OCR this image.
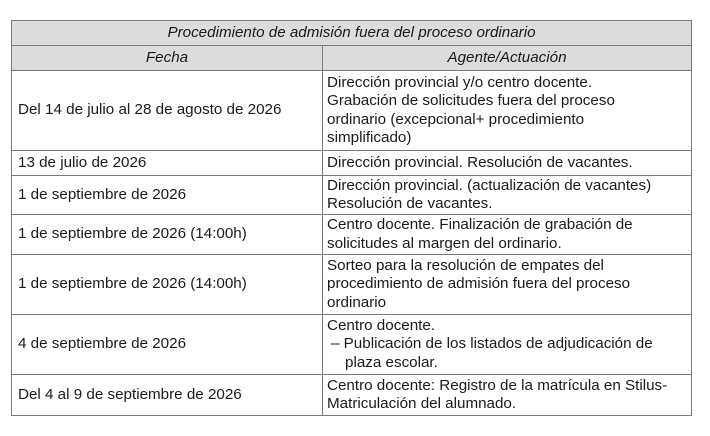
Procedimiento de admisión fuera del proceso ordinario	
Fecha	Agente/Actuación
Del 14 de julio al 28 de agosto de 2026	Dirección provincial y/o centro docente.
Grabación de solicitudes fuera del proceso ordinario (excepcional+ procedimiento simplificado)

13 de julio de 2026	Dirección provincial. Resolución de vacantes.
1 de septiembre de 2026	Dirección provincial. (actualización de vacantes)
Resolución de vacantes.

1 de septiembre de 2026 (14:00h)	Centro docente. Finalización de grabación de solicitudes al margen del ordinario.
1 de septiembre de 2026 (14:00h)	Sorteo para la resolución de empates del procedimiento de admisión fuera del proceso ordinario
4 de septiembre de 2026	Centro docente.
– Publicación de los listados de adjudicación de plaza escolar.

Del 4 al 9 de septiembre de 2026	Centro docente: Registro de la matrícula en Stilus-Matriculación del alumnado.
